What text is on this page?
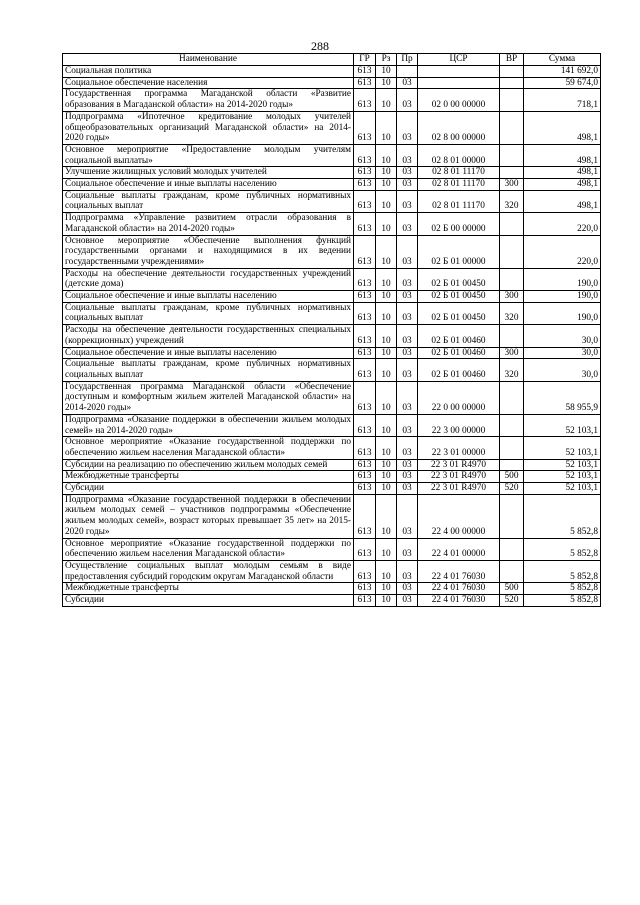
288
Наименование	ГР	Рз	Пр	ЦСР	ВР	Сумма
Социальная политика	613	10				141 692,0
Социальное обеспечение населения	613	10	03			59 674,0
Государственная программа Магаданской области «Развитие образования в Магаданской области» на 2014-2020 годы»	613	10	03	02 0 00 00000		718,1
Подпрограмма «Ипотечное кредитование молодых учителей общеобразовательных организаций Магаданской области» на 2014-2020 годы»	613	10	03	02 8 00 00000		498,1
Основное мероприятие «Предоставление молодым учителям социальной выплаты»	613	10	03	02 8 01 00000		498,1
Улучшение жилищных условий молодых учителей	613	10	03	02 8 01 11170		498,1
Социальное обеспечение и иные выплаты населению	613	10	03	02 8 01 11170	300	498,1
Социальные выплаты гражданам, кроме публичных нормативных социальных выплат	613	10	03	02 8 01 11170	320	498,1
Подпрограмма «Управление развитием отрасли образования в Магаданской области» на 2014-2020 годы»	613	10	03	02 Б 00 00000		220,0
Основное мероприятие «Обеспечение выполнения функций государственными органами и находящимися в их ведении государственными учреждениями»	613	10	03	02 Б 01 00000		220,0
Расходы на обеспечение деятельности государственных учреждений (детские дома)	613	10	03	02 Б 01 00450		190,0
Социальное обеспечение и иные выплаты населению	613	10	03	02 Б 01 00450	300	190,0
Социальные выплаты гражданам, кроме публичных нормативных социальных выплат	613	10	03	02 Б 01 00450	320	190,0
Расходы на обеспечение деятельности государственных специальных (коррекционных) учреждений	613	10	03	02 Б 01 00460		30,0
Социальное обеспечение и иные выплаты населению	613	10	03	02 Б 01 00460	300	30,0
Социальные выплаты гражданам, кроме публичных нормативных социальных выплат	613	10	03	02 Б 01 00460	320	30,0
Государственная программа Магаданской области «Обеспечение доступным и комфортным жильем жителей Магаданской области» на 2014-2020 годы»	613	10	03	22 0 00 00000		58 955,9
Подпрограмма «Оказание поддержки в обеспечении жильем молодых семей» на 2014-2020 годы»	613	10	03	22 3 00 00000		52 103,1
Основное мероприятие «Оказание государственной поддержки по обеспечению жильем населения Магаданской области»	613	10	03	22 3 01 00000		52 103,1
Субсидии на реализацию по обеспечению жильем молодых семей	613	10	03	22 3 01 R4970		52 103,1
Межбюджетные трансферты	613	10	03	22 3 01 R4970	500	52 103,1
Субсидии	613	10	03	22 3 01 R4970	520	52 103,1
Подпрограмма «Оказание государственной поддержки в обеспечении жильем молодых семей – участников подпрограммы «Обеспечение жильем молодых семей», возраст которых превышает 35 лет» на 2015-2020 годы»	613	10	03	22 4 00 00000		5 852,8
Основное мероприятие «Оказание государственной поддержки по обеспечению жильем населения Магаданской области»	613	10	03	22 4 01 00000		5 852,8
Осуществление социальных выплат молодым семьям в виде предоставления субсидий городским округам Магаданской области	613	10	03	22 4 01 76030		5 852,8
Межбюджетные трансферты	613	10	03	22 4 01 76030	500	5 852,8
Субсидии	613	10	03	22 4 01 76030	520	5 852,8
